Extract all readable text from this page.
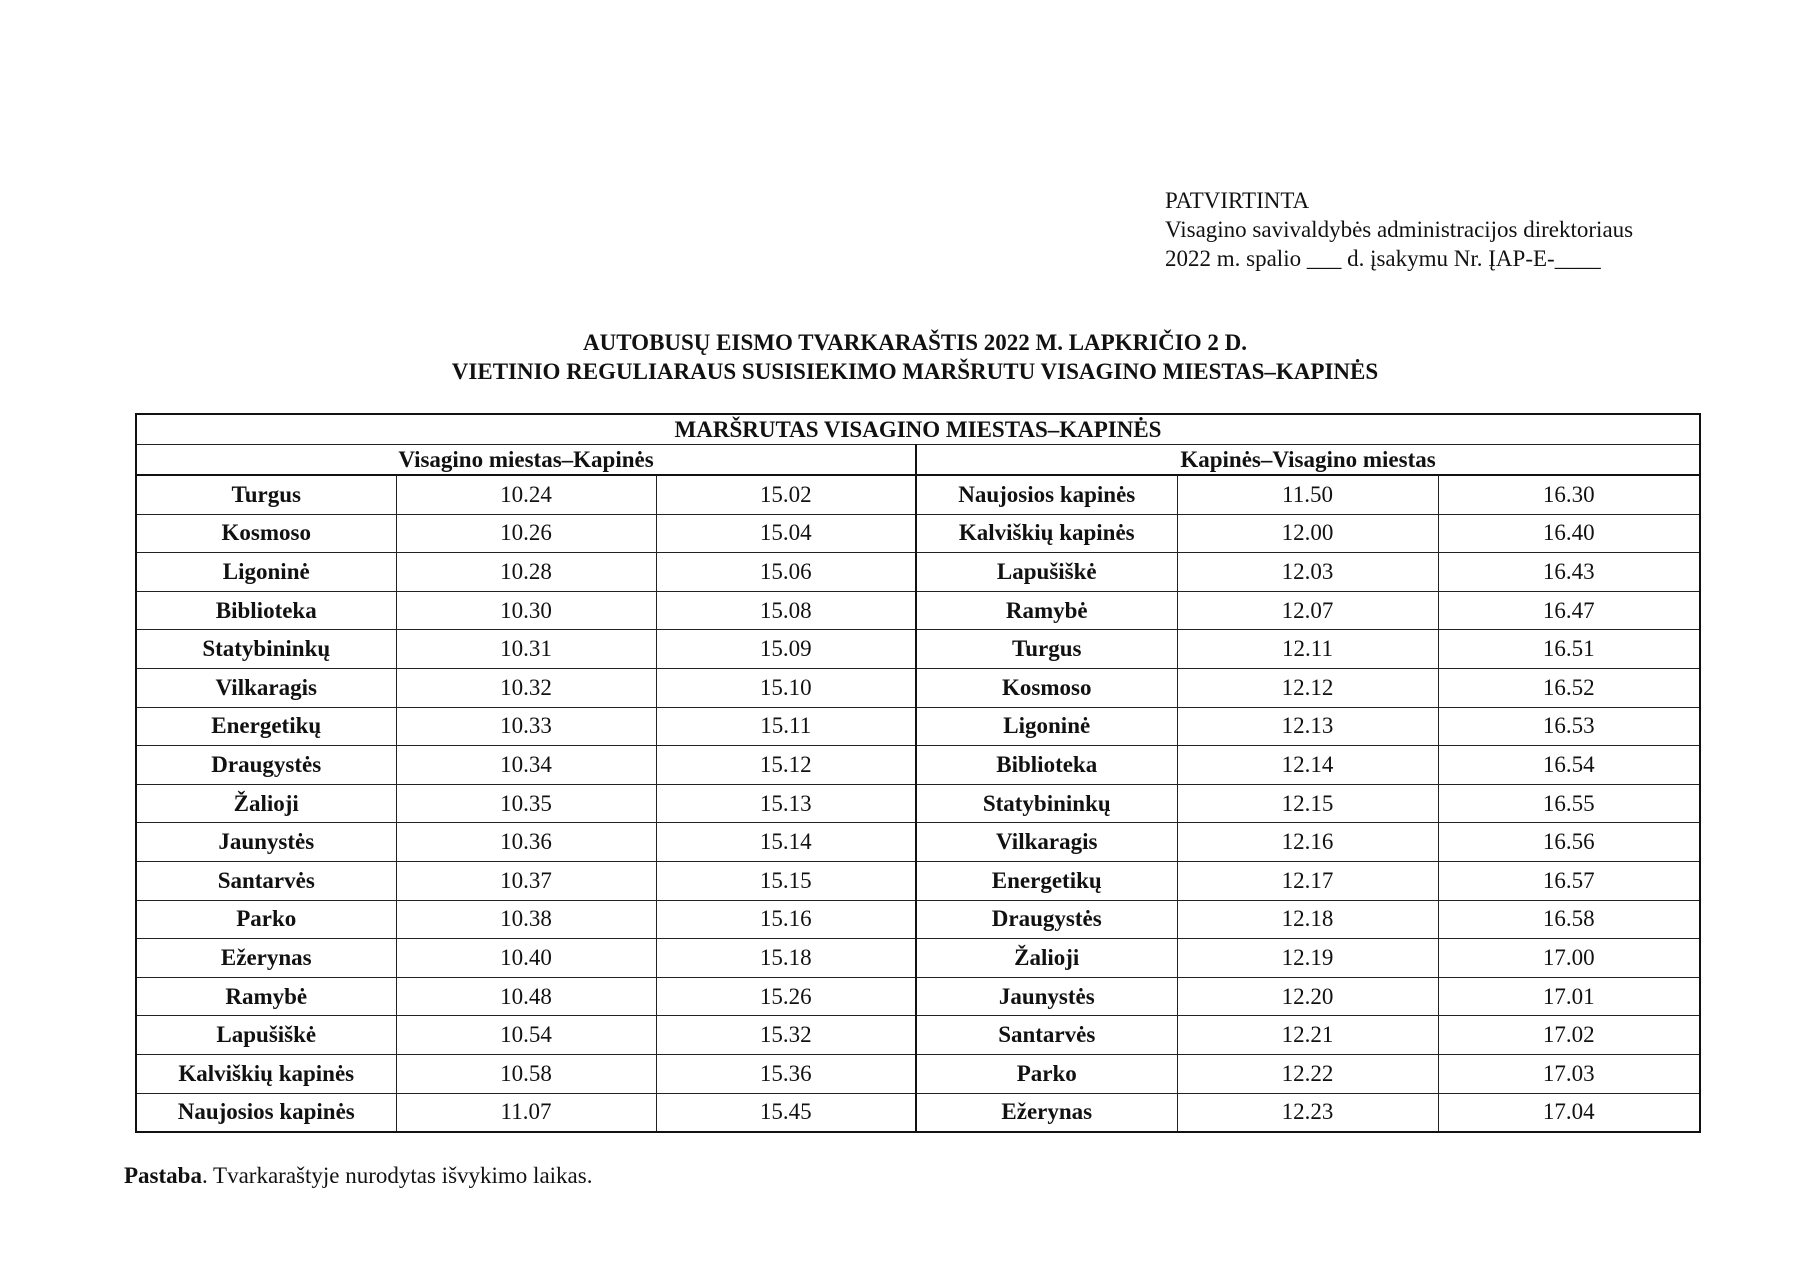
PATVIRTINTA
Visagino savivaldybės administracijos direktoriaus
2022 m. spalio ___ d. įsakymu Nr. ĮAP-E-____
AUTOBUSŲ EISMO TVARKARAŠTIS 2022 M. LAPKRIČIO 2 D.
VIETINIO REGULIARAUS SUSISIEKIMO MARŠRUTU VISAGINO MIESTAS–KAPINĖS
MARŠRUTAS VISAGINO MIESTAS–KAPINĖS					
Visagino miestas–Kapinės			Kapinės–Visagino miestas		
Turgus	10.24	15.02	Naujosios kapinės	11.50	16.30
Kosmoso	10.26	15.04	Kalviškių kapinės	12.00	16.40
Ligoninė	10.28	15.06	Lapušiškė	12.03	16.43
Biblioteka	10.30	15.08	Ramybė	12.07	16.47
Statybininkų	10.31	15.09	Turgus	12.11	16.51
Vilkaragis	10.32	15.10	Kosmoso	12.12	16.52
Energetikų	10.33	15.11	Ligoninė	12.13	16.53
Draugystės	10.34	15.12	Biblioteka	12.14	16.54
Žalioji	10.35	15.13	Statybininkų	12.15	16.55
Jaunystės	10.36	15.14	Vilkaragis	12.16	16.56
Santarvės	10.37	15.15	Energetikų	12.17	16.57
Parko	10.38	15.16	Draugystės	12.18	16.58
Ežerynas	10.40	15.18	Žalioji	12.19	17.00
Ramybė	10.48	15.26	Jaunystės	12.20	17.01
Lapušiškė	10.54	15.32	Santarvės	12.21	17.02
Kalviškių kapinės	10.58	15.36	Parko	12.22	17.03
Naujosios kapinės	11.07	15.45	Ežerynas	12.23	17.04
Pastaba. Tvarkaraštyje nurodytas išvykimo laikas.
